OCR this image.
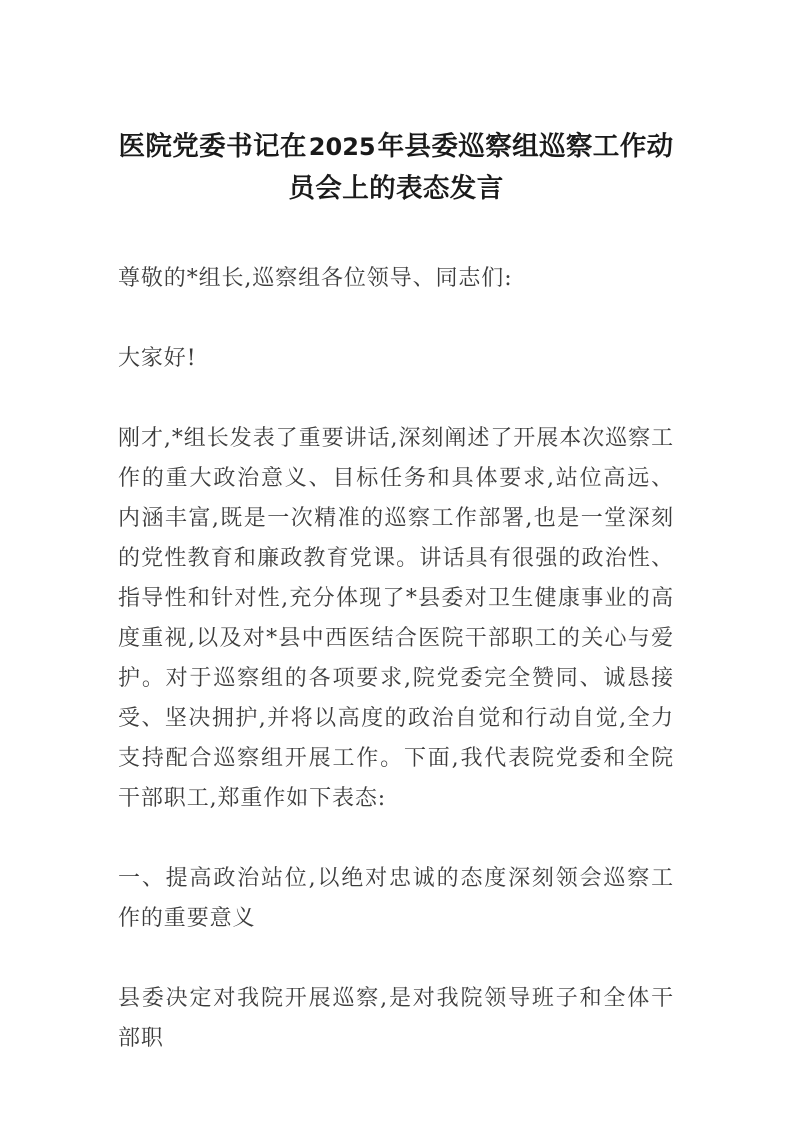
医院党委书记在2025年县委巡察组巡察工作动员会上的表态发言

尊敬的*组长,巡察组各位领导、同志们:

大家好!

刚才,*组长发表了重要讲话,深刻阐述了开展本次巡察工作的重大政治意义、目标任务和具体要求,站位高远、内涵丰富,既是一次精准的巡察工作部署,也是一堂深刻的党性教育和廉政教育党课。讲话具有很强的政治性、指导性和针对性,充分体现了*县委对卫生健康事业的高度重视,以及对*县中西医结合医院干部职工的关心与爱护。对于巡察组的各项要求,院党委完全赞同、诚恳接受、坚决拥护,并将以高度的政治自觉和行动自觉,全力支持配合巡察组开展工作。下面,我代表院党委和全院干部职工,郑重作如下表态:

一、提高政治站位,以绝对忠诚的态度深刻领会巡察工作的重要意义

县委决定对我院开展巡察,是对我院领导班子和全体干部职
